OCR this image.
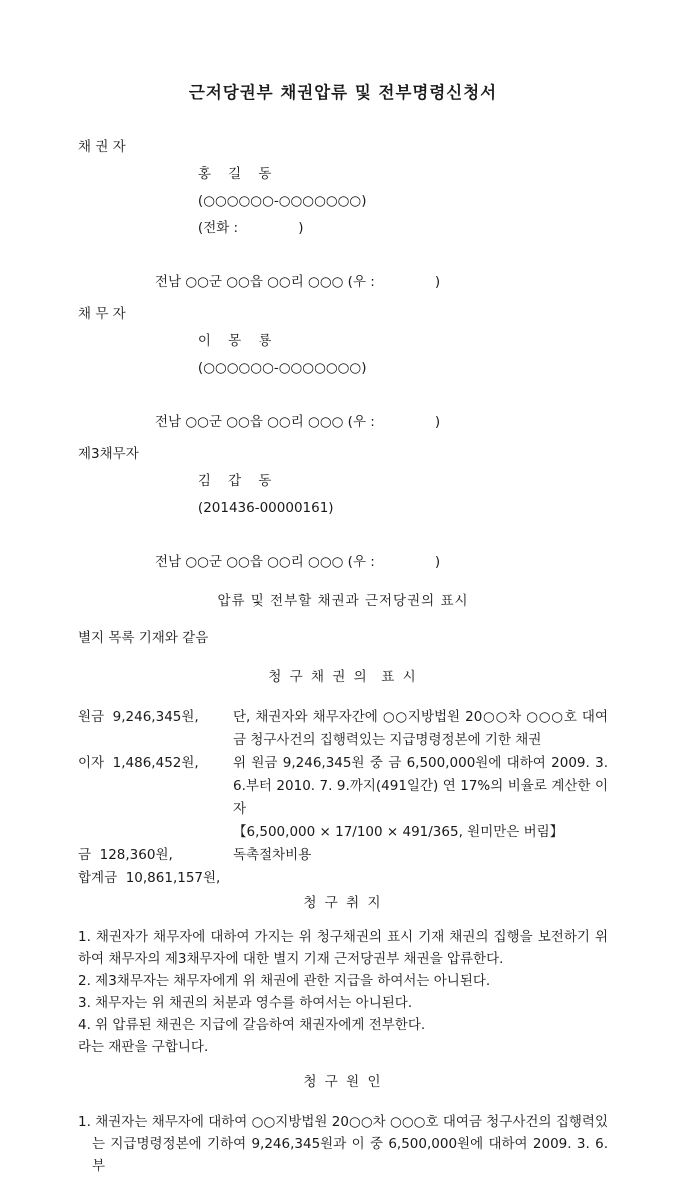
근저당권부 채권압류 및 전부명령신청서
채 권 자

홍    길    동
(○○○○○○-○○○○○○○)
(전화 :              )

전남 ○○군 ○○읍 ○○리 ○○○ (우 :              )
채 무 자

이    몽    룡
(○○○○○○-○○○○○○○)

전남 ○○군 ○○읍 ○○리 ○○○ (우 :              )
제3채무자

김    갑    동
(201436-00000161)

전남 ○○군 ○○읍 ○○리 ○○○ (우 :              )
압류 및 전부할 채권과 근저당권의 표시
별지 목록 기재와 같음
청 구 채 권 의  표 시
원금  9,246,345원,	단, 채권자와 채무자간에 ○○지방법원 20○○차 ○○○호 대여금 청구사건의 집행력있는 지급명령정본에 기한 채권
이자  1,486,452원,	위 원금 9,246,345원 중 금 6,500,000원에 대하여 2009. 3. 6.부터 2010. 7. 9.까지(491일간) 연 17%의 비율로 계산한 이자
【6,500,000 × 17/100 × 491/365, 원미만은 버림】
금  128,360원,	독촉절차비용
합계금  10,861,157원,
청 구 취 지

1. 채권자가 채무자에 대하여 가지는 위 청구채권의 표시 기재 채권의 집행을 보전하기 위하여 채무자의 제3채무자에 대한 별지 기재 근저당권부 채권을 압류한다.

2. 제3채무자는 채무자에게 위 채권에 관한 지급을 하여서는 아니된다.

3. 채무자는 위 채권의 처분과 영수를 하여서는 아니된다.

4. 위 압류된 채권은 지급에 갈음하여 채권자에게 전부한다.

라는 재판을 구합니다.

청 구 원 인

1. 채권자는 채무자에 대하여 ○○지방법원 20○○차 ○○○호 대여금 청구사건의 집행력있는 지급명령정본에 기하여 9,246,345원과 이 중 6,500,000원에 대하여 2009. 3. 6.부
